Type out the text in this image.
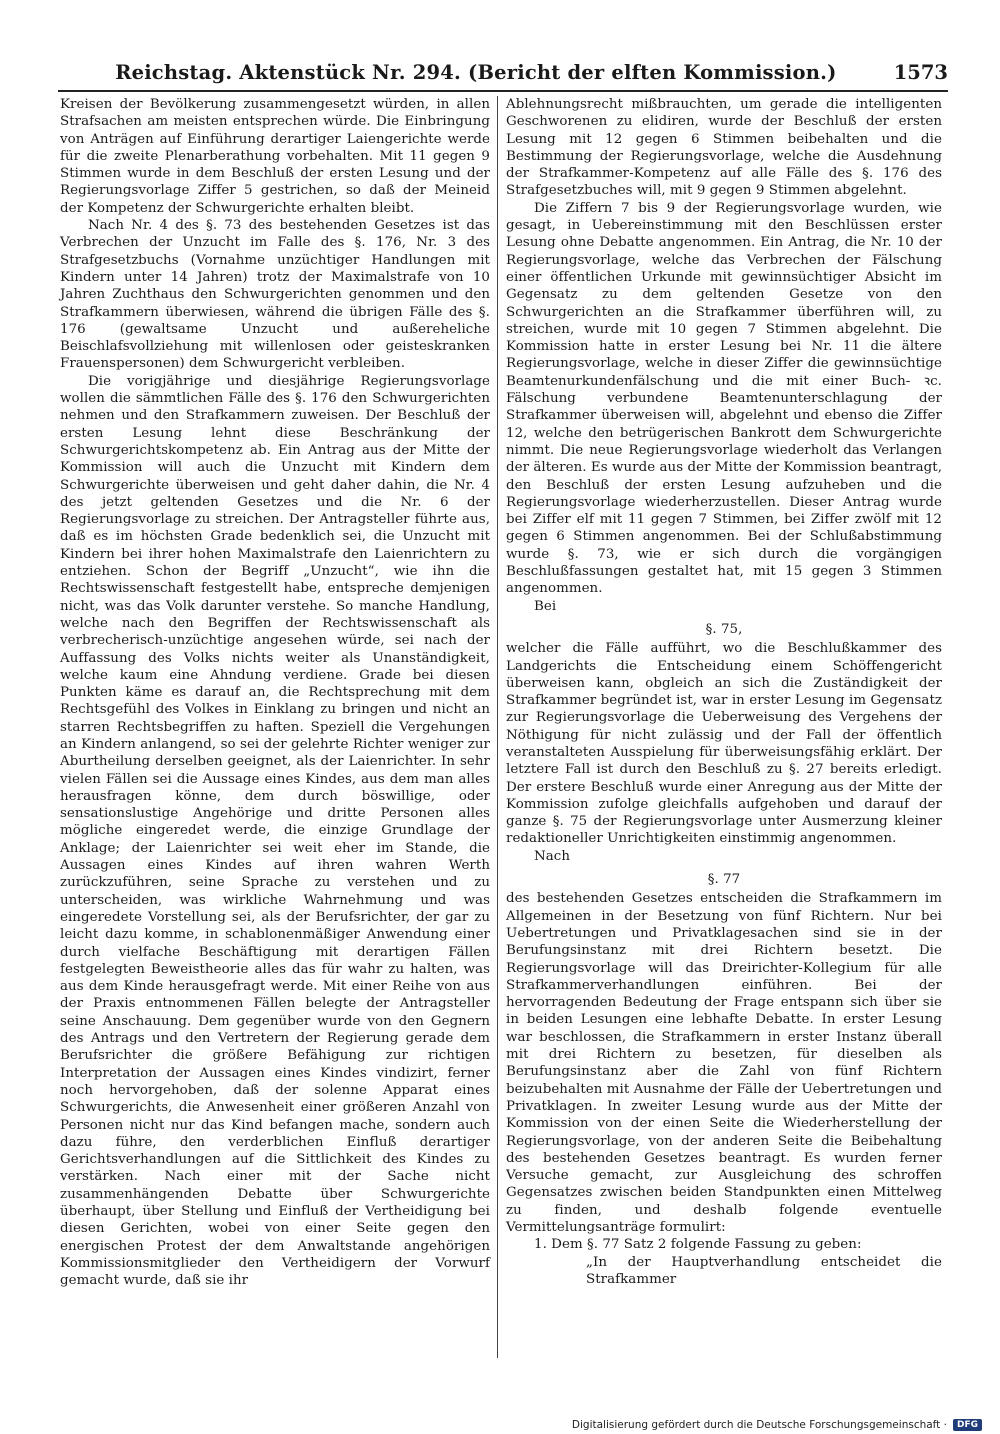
Reichstag. Aktenstück Nr. 294. (Bericht der elften Kommission.)	1573

Kreisen der Bevölkerung zusammengesetzt würden, in allen Strafsachen am meisten entsprechen würde. Die Einbringung von Anträgen auf Einführung derartiger Laiengerichte werde für die zweite Plenarberathung vorbehalten. Mit 11 gegen 9 Stimmen wurde in dem Beschluß der ersten Lesung und der Regierungsvorlage Ziffer 5 gestrichen, so daß der Meineid der Kompetenz der Schwurgerichte erhalten bleibt.

Nach Nr. 4 des §. 73 des bestehenden Gesetzes ist das Verbrechen der Unzucht im Falle des §. 176, Nr. 3 des Strafgesetzbuchs (Vornahme unzüchtiger Handlungen mit Kindern unter 14 Jahren) trotz der Maximalstrafe von 10 Jahren Zuchthaus den Schwurgerichten genommen und den Strafkammern überwiesen, während die übrigen Fälle des §. 176 (gewaltsame Unzucht und außereheliche Beischlafsvollziehung mit willenlosen oder geisteskranken Frauenspersonen) dem Schwurgericht verbleiben.

Die vorigjährige und diesjährige Regierungsvorlage wollen die sämmtlichen Fälle des §. 176 den Schwurgerichten nehmen und den Strafkammern zuweisen. Der Beschluß der ersten Lesung lehnt diese Beschränkung der Schwurgerichtskompetenz ab. Ein Antrag aus der Mitte der Kommission will auch die Unzucht mit Kindern dem Schwurgerichte überweisen und geht daher dahin, die Nr. 4 des jetzt geltenden Gesetzes und die Nr. 6 der Regierungsvorlage zu streichen. Der Antragsteller führte aus, daß es im höchsten Grade bedenklich sei, die Unzucht mit Kindern bei ihrer hohen Maximalstrafe den Laienrichtern zu entziehen. Schon der Begriff „Unzucht“, wie ihn die Rechtswissenschaft festgestellt habe, entspreche demjenigen nicht, was das Volk darunter verstehe. So manche Handlung, welche nach den Begriffen der Rechtswissenschaft als verbrecherisch-unzüchtige angesehen würde, sei nach der Auffassung des Volks nichts weiter als Unanständigkeit, welche kaum eine Ahndung verdiene. Grade bei diesen Punkten käme es darauf an, die Rechtsprechung mit dem Rechtsgefühl des Volkes in Einklang zu bringen und nicht an starren Rechtsbegriffen zu haften. Speziell die Vergehungen an Kindern anlangend, so sei der gelehrte Richter weniger zur Aburtheilung derselben geeignet, als der Laienrichter. In sehr vielen Fällen sei die Aussage eines Kindes, aus dem man alles herausfragen könne, dem durch böswillige, oder sensationslustige Angehörige und dritte Personen alles mögliche eingeredet werde, die einzige Grundlage der Anklage; der Laienrichter sei weit eher im Stande, die Aussagen eines Kindes auf ihren wahren Werth zurückzuführen, seine Sprache zu verstehen und zu unterscheiden, was wirkliche Wahrnehmung und was eingeredete Vorstellung sei, als der Berufsrichter, der gar zu leicht dazu komme, in schablonenmäßiger Anwendung einer durch vielfache Beschäftigung mit derartigen Fällen festgelegten Beweistheorie alles das für wahr zu halten, was aus dem Kinde herausgefragt werde. Mit einer Reihe von aus der Praxis entnommenen Fällen belegte der Antragsteller seine Anschauung. Dem gegenüber wurde von den Gegnern des Antrags und den Vertretern der Regierung gerade dem Berufsrichter die größere Befähigung zur richtigen Interpretation der Aussagen eines Kindes vindizirt, ferner noch hervorgehoben, daß der solenne Apparat eines Schwurgerichts, die Anwesenheit einer größeren Anzahl von Personen nicht nur das Kind befangen mache, sondern auch dazu führe, den verderblichen Einfluß derartiger Gerichtsverhandlungen auf die Sittlichkeit des Kindes zu verstärken. Nach einer mit der Sache nicht zusammenhängenden Debatte über Schwurgerichte überhaupt, über Stellung und Einfluß der Vertheidigung bei diesen Gerichten, wobei von einer Seite gegen den energischen Protest der dem Anwaltstande angehörigen Kommissionsmitglieder den Vertheidigern der Vorwurf gemacht wurde, daß sie ihr

Ablehnungsrecht mißbrauchten, um gerade die intelligenten Geschworenen zu elidiren, wurde der Beschluß der ersten Lesung mit 12 gegen 6 Stimmen beibehalten und die Bestimmung der Regierungsvorlage, welche die Ausdehnung der Strafkammer-Kompetenz auf alle Fälle des §. 176 des Strafgesetzbuches will, mit 9 gegen 9 Stimmen abgelehnt.

Die Ziffern 7 bis 9 der Regierungsvorlage wurden, wie gesagt, in Uebereinstimmung mit den Beschlüssen erster Lesung ohne Debatte angenommen. Ein Antrag, die Nr. 10 der Regierungsvorlage, welche das Verbrechen der Fälschung einer öffentlichen Urkunde mit gewinnsüchtiger Absicht im Gegensatz zu dem geltenden Gesetze von den Schwurgerichten an die Strafkammer überführen will, zu streichen, wurde mit 10 gegen 7 Stimmen abgelehnt. Die Kommission hatte in erster Lesung bei Nr. 11 die ältere Regierungsvorlage, welche in dieser Ziffer die gewinnsüchtige Beamtenurkundenfälschung und die mit einer Buch- ꝛc. Fälschung verbundene Beamtenunterschlagung der Strafkammer überweisen will, abgelehnt und ebenso die Ziffer 12, welche den betrügerischen Bankrott dem Schwurgerichte nimmt. Die neue Regierungsvorlage wiederholt das Verlangen der älteren. Es wurde aus der Mitte der Kommission beantragt, den Beschluß der ersten Lesung aufzuheben und die Regierungsvorlage wiederherzustellen. Dieser Antrag wurde bei Ziffer elf mit 11 gegen 7 Stimmen, bei Ziffer zwölf mit 12 gegen 6 Stimmen angenommen. Bei der Schlußabstimmung wurde §. 73, wie er sich durch die vorgängigen Beschlußfassungen gestaltet hat, mit 15 gegen 3 Stimmen angenommen.

Bei

§. 75,

welcher die Fälle aufführt, wo die Beschlußkammer des Landgerichts die Entscheidung einem Schöffengericht überweisen kann, obgleich an sich die Zuständigkeit der Strafkammer begründet ist, war in erster Lesung im Gegensatz zur Regierungsvorlage die Ueberweisung des Vergehens der Nöthigung für nicht zulässig und der Fall der öffentlich veranstalteten Ausspielung für überweisungsfähig erklärt. Der letztere Fall ist durch den Beschluß zu §. 27 bereits erledigt. Der erstere Beschluß wurde einer Anregung aus der Mitte der Kommission zufolge gleichfalls aufgehoben und darauf der ganze §. 75 der Regierungsvorlage unter Ausmerzung kleiner redaktioneller Unrichtigkeiten einstimmig angenommen.

Nach

§. 77

des bestehenden Gesetzes entscheiden die Strafkammern im Allgemeinen in der Besetzung von fünf Richtern. Nur bei Uebertretungen und Privatklagesachen sind sie in der Berufungsinstanz mit drei Richtern besetzt. Die Regierungsvorlage will das Dreirichter-Kollegium für alle Strafkammerverhandlungen einführen. Bei der hervorragenden Bedeutung der Frage entspann sich über sie in beiden Lesungen eine lebhafte Debatte. In erster Lesung war beschlossen, die Strafkammern in erster Instanz überall mit drei Richtern zu besetzen, für dieselben als Berufungsinstanz aber die Zahl von fünf Richtern beizubehalten mit Ausnahme der Fälle der Uebertretungen und Privatklagen. In zweiter Lesung wurde aus der Mitte der Kommission von der einen Seite die Wiederherstellung der Regierungsvorlage, von der anderen Seite die Beibehaltung des bestehenden Gesetzes beantragt. Es wurden ferner Versuche gemacht, zur Ausgleichung des schroffen Gegensatzes zwischen beiden Standpunkten einen Mittelweg zu finden, und deshalb folgende eventuelle Vermittelungsanträge formulirt:

1. Dem §. 77 Satz 2 folgende Fassung zu geben:

„In der Hauptverhandlung entscheidet die Strafkammer

Digitalisierung gefördert durch die Deutsche Forschungsgemeinschaft ·	DFG
